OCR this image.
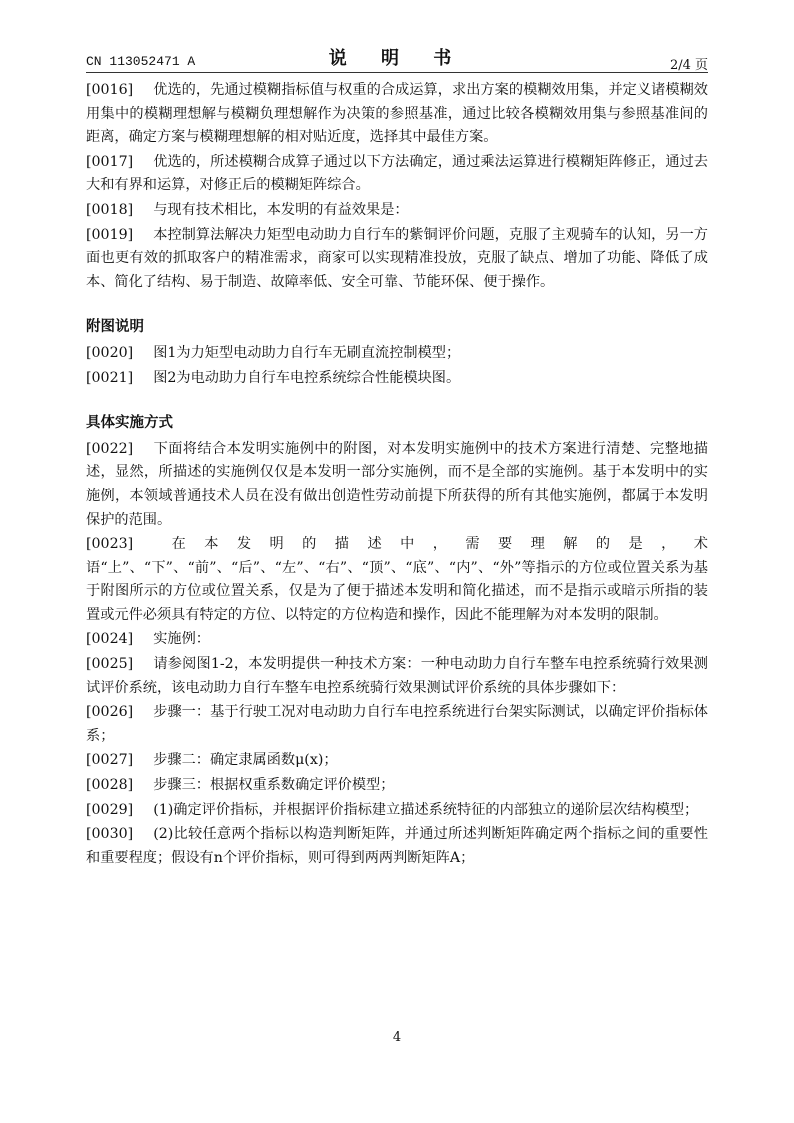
CN 113052471 A	说 明 书	2/4 页

[0016] 优选的，先通过模糊指标值与权重的合成运算，求出方案的模糊效用集，并定义诸模糊效用集中的模糊理想解与模糊负理想解作为决策的参照基准，通过比较各模糊效用集与参照基准间的距离，确定方案与模糊理想解的相对贴近度，选择其中最佳方案。

[0017] 优选的，所述模糊合成算子通过以下方法确定，通过乘法运算进行模糊矩阵修正，通过去大和有界和运算，对修正后的模糊矩阵综合。

[0018] 与现有技术相比，本发明的有益效果是：

[0019] 本控制算法解决力矩型电动助力自行车的紫铜评价问题，克服了主观骑车的认知，另一方面也更有效的抓取客户的精准需求，商家可以实现精准投放，克服了缺点、增加了功能、降低了成本、简化了结构、易于制造、故障率低、安全可靠、节能环保、便于操作。

附图说明

[0020] 图1为力矩型电动助力自行车无刷直流控制模型；

[0021] 图2为电动助力自行车电控系统综合性能模块图。

具体实施方式

[0022] 下面将结合本发明实施例中的附图，对本发明实施例中的技术方案进行清楚、完整地描述，显然，所描述的实施例仅仅是本发明一部分实施例，而不是全部的实施例。基于本发明中的实施例，本领域普通技术人员在没有做出创造性劳动前提下所获得的所有其他实施例，都属于本发明保护的范围。

[0023] 在本发明的描述中，需要理解的是，术语“上”、“下”、“前”、“后”、“左”、“右”、“顶”、“底”、“内”、“外”等指示的方位或位置关系为基于附图所示的方位或位置关系，仅是为了便于描述本发明和简化描述，而不是指示或暗示所指的装置或元件必须具有特定的方位、以特定的方位构造和操作，因此不能理解为对本发明的限制。

[0024] 实施例：

[0025] 请参阅图1-2，本发明提供一种技术方案：一种电动助力自行车整车电控系统骑行效果测试评价系统，该电动助力自行车整车电控系统骑行效果测试评价系统的具体步骤如下：

[0026] 步骤一：基于行驶工况对电动助力自行车电控系统进行台架实际测试，以确定评价指标体系；

[0027] 步骤二：确定隶属函数μ(x)；

[0028] 步骤三：根据权重系数确定评价模型；

[0029] (1)确定评价指标，并根据评价指标建立描述系统特征的内部独立的递阶层次结构模型；

[0030] (2)比较任意两个指标以构造判断矩阵，并通过所述判断矩阵确定两个指标之间的重要性和重要程度；假设有n个评价指标，则可得到两两判断矩阵A；

4
